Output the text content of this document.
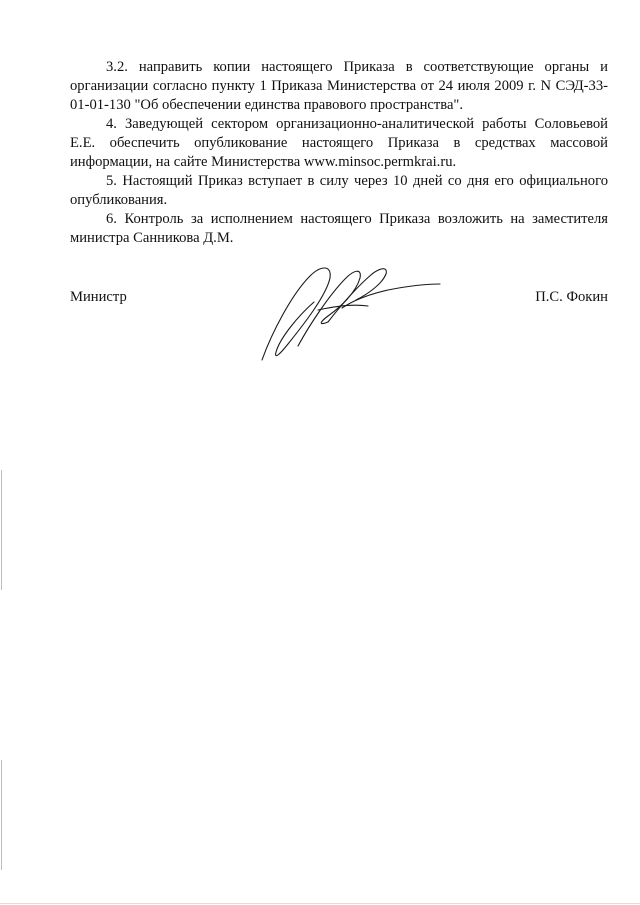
3.2. направить копии настоящего Приказа в соответствующие органы и организации согласно пункту 1 Приказа Министерства от 24 июля 2009 г. N СЭД-33-01-01-130 "Об обеспечении единства правового пространства".

4. Заведующей сектором организационно-аналитической работы Соловьевой Е.Е. обеспечить опубликование настоящего Приказа в средствах массовой информации, на сайте Министерства www.minsoc.permkrai.ru.

5. Настоящий Приказ вступает в силу через 10 дней со дня его официального опубликования.

6. Контроль за исполнением настоящего Приказа возложить на заместителя министра Санникова Д.М.

Министр	П.С. Фокин
